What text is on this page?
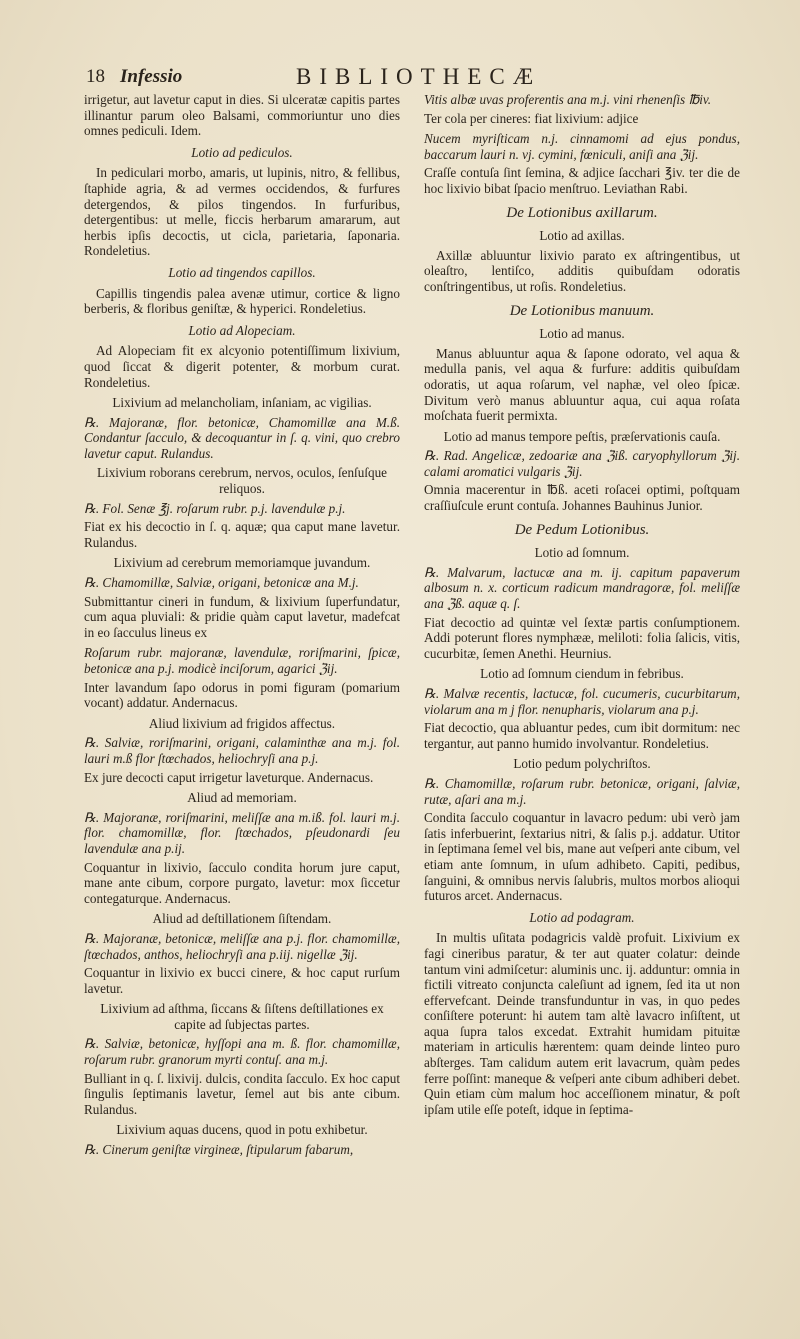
18 Infessio	BIBLIOTHECÆ

irrigetur, aut lavetur caput in dies. Si ulceratæ capitis partes illinantur parum oleo Balsami, commoriuntur uno dies omnes pediculi. Idem.

Lotio ad pediculos.

In pediculari morbo, amaris, ut lupinis, nitro, & fellibus, ſtaphide agria, & ad vermes occidendos, & furfures detergendos, & pilos tingendos. In furfuribus, detergentibus: ut melle, ficcis herbarum amararum, aut herbis ipſis decoctis, ut cicla, parietaria, ſaponaria. Rondeletius.

Lotio ad tingendos capillos.

Capillis tingendis palea avenæ utimur, cortice & ligno berberis, & floribus geniſtæ, & hyperici. Rondeletius.

Lotio ad Alopeciam.

Ad Alopeciam fit ex alcyonio potentiſſimum lixivium, quod ſiccat & digerit potenter, & morbum curat. Rondeletius.

Lixivium ad melancholiam, inſaniam, ac vigilias.

℞. Majoranæ, flor. betonicæ, Chamomillæ ana M.ß. Condantur ſacculo, & decoquantur in ſ. q. vini, quo crebro lavetur caput. Rulandus.

Lixivium roborans cerebrum, nervos, oculos, ſenſuſque reliquos.

℞. Fol. Senæ ℥j. roſarum rubr. p.j. lavendulæ p.j.

Fiat ex his decoctio in ſ. q. aquæ; qua caput mane lavetur. Rulandus.

Lixivium ad cerebrum memoriamque juvandum.

℞. Chamomillæ, Salviæ, origani, betonicæ ana M.j.

Submittantur cineri in fundum, & lixivium ſuperfundatur, cum aqua pluviali: & pridie quàm caput lavetur, madefcat in eo ſacculus lineus ex

Roſarum rubr. majoranæ, lavendulæ, roriſmarini, ſpicæ, betonicæ ana p.j. modicè inciſorum, agarici ℨij.

Inter lavandum ſapo odorus in pomi figuram (pomarium vocant) addatur. Andernacus.

Aliud lixivium ad frigidos affectus.

℞. Salviæ, roriſmarini, origani, calaminthæ ana m.j. fol. lauri m.ß flor ſtœchados, heliochryſi ana p.j.

Ex jure decocti caput irrigetur laveturque. Andernacus.

Aliud ad memoriam.

℞. Majoranæ, roriſmarini, meliſſæ ana m.iß. fol. lauri m.j. flor. chamomillæ, flor. ſtœchados, pſeudonardi ſeu lavendulæ ana p.ij.

Coquantur in lixivio, ſacculo condita horum jure caput, mane ante cibum, corpore purgato, lavetur: mox ſiccetur contegaturque. Andernacus.

Aliud ad deſtillationem ſiſtendam.

℞. Majoranæ, betonicæ, meliſſæ ana p.j. flor. chamomillæ, ſtœchados, anthos, heliochryſi ana p.iij. nigellæ ℨij.

Coquantur in lixivio ex bucci cinere, & hoc caput rurſum lavetur.

Lixivium ad aſthma, ſiccans & ſiſtens deſtillationes ex capite ad ſubjectas partes.

℞. Salviæ, betonicæ, hyſſopi ana m. ß. flor. chamomillæ, roſarum rubr. granorum myrti contuſ. ana m.j.

Bulliant in q. ſ. lixivij. dulcis, condita ſacculo. Ex hoc caput ſingulis ſeptimanis lavetur, ſemel aut bis ante cibum. Rulandus.

Lixivium aquas ducens, quod in potu exhibetur.

℞. Cinerum geniſtæ virgineæ, ſtipularum fabarum,

Vitis albæ uvas proferentis ana m.j. vini rhenenſis ℔iv.

Ter cola per cineres: fiat lixivium: adjice

Nucem myriſticam n.j. cinnamomi ad ejus pondus, baccarum lauri n. vj. cymini, fœniculi, aniſi ana ℨij.

Craſſe contuſa ſint ſemina, & adjice ſacchari ℥iv. ter die de hoc lixivio bibat ſpacio menſtruo. Leviathan Rabi.

De Lotionibus axillarum.

Lotio ad axillas.

Axillæ abluuntur lixivio parato ex aſtringentibus, ut oleaſtro, lentiſco, additis quibuſdam odoratis conſtringentibus, ut roſis. Rondeletius.

De Lotionibus manuum.

Lotio ad manus.

Manus abluuntur aqua & ſapone odorato, vel aqua & medulla panis, vel aqua & furfure: additis quibuſdam odoratis, ut aqua roſarum, vel naphæ, vel oleo ſpicæ. Divitum verò manus abluuntur aqua, cui aqua roſata moſchata fuerit permixta.

Lotio ad manus tempore peſtis, præſervationis cauſa.

℞. Rad. Angelicæ, zedoariæ ana ℨiß. caryophyllorum ℨij. calami aromatici vulgaris ℨij.

Omnia macerentur in ℔ß. aceti roſacei optimi, poſtquam craſſiuſcule erunt contuſa. Johannes Bauhinus Junior.

De Pedum Lotionibus.

Lotio ad ſomnum.

℞. Malvarum, lactucæ ana m. ij. capitum papaverum albosum n. x. corticum radicum mandragoræ, fol. meliſſæ ana ℨß. aquæ q. ſ.

Fiat decoctio ad quintæ vel ſextæ partis conſumptionem. Addi poterunt flores nymphææ, meliloti: folia ſalicis, vitis, cucurbitæ, ſemen Anethi. Heurnius.

Lotio ad ſomnum ciendum in febribus.

℞. Malvæ recentis, lactucæ, fol. cucumeris, cucurbitarum, violarum ana m j flor. nenupharis, violarum ana p.j.

Fiat decoctio, qua abluantur pedes, cum ibit dormitum: nec tergantur, aut panno humido involvantur. Rondeletius.

Lotio pedum polychriſtos.

℞. Chamomillæ, roſarum rubr. betonicæ, origani, ſalviæ, rutæ, aſari ana m.j.

Condita ſacculo coquantur in lavacro pedum: ubi verò jam ſatis inferbuerint, ſextarius nitri, & ſalis p.j. addatur. Utitor in ſeptimana ſemel vel bis, mane aut veſperi ante cibum, vel etiam ante ſomnum, in uſum adhibeto. Capiti, pedibus, ſanguini, & omnibus nervis ſalubris, multos morbos alioqui futuros arcet. Andernacus.

Lotio ad podagram.

In multis uſitata podagricis valdè profuit. Lixivium ex fagi cineribus paratur, & ter aut quater colatur: deinde tantum vini admiſcetur: aluminis unc. ij. adduntur: omnia in fictili vitreato conjuncta caleſiunt ad ignem, ſed ita ut non effervefcant. Deinde transfunduntur in vas, in quo pedes conſiſtere poterunt: hi autem tam altè lavacro inſiſtent, ut aqua ſupra talos excedat. Extrahit humidam pituitæ materiam in articulis hærentem: quam deinde linteo puro abſterges. Tam calidum autem erit lavacrum, quàm pedes ferre poſſint: maneque & veſperi ante cibum adhiberi debet. Quin etiam cùm malum hoc acceſſionem minatur, & poſt ipſam utile eſſe poteſt, idque in ſeptima-
